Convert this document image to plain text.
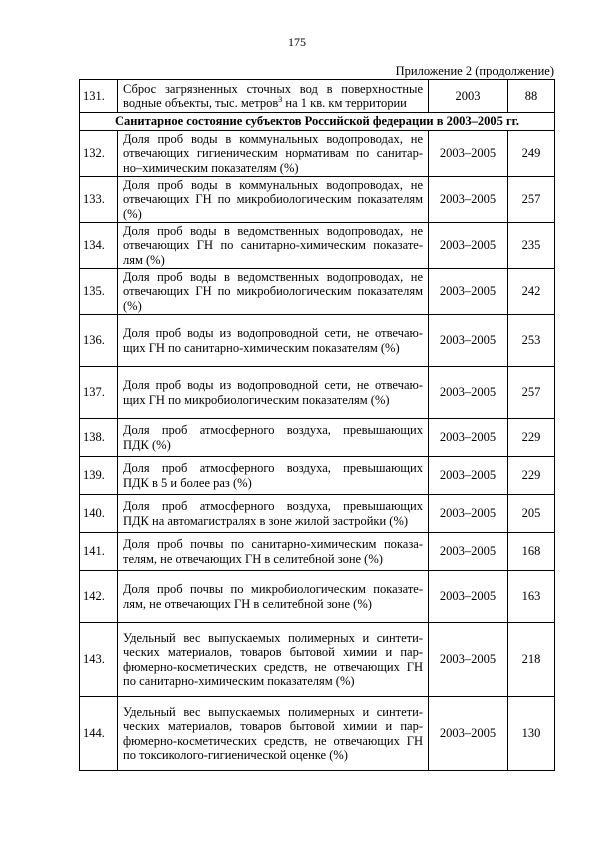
175
Приложение 2 (продолжение)
131.	Сброс загрязненных сточных вод в поверхностные
водные объекты, тыс. метров$^3$ на 1 кв. км территории	2003	88
Санитарное состояние субъектов Российской федерации в 2003–2005 гг.			
132.	Доля проб воды в коммунальных водопроводах, не
отвечающих гигиеническим нормативам по санитар-
но–химическим показателям (%)	2003–2005	249
133.	Доля проб воды в коммунальных водопроводах, не
отвечающих ГН по микробиологическим показателям
(%)	2003–2005	257
134.	Доля проб воды в ведомственных водопроводах, не
отвечающих ГН по санитарно-химическим показате-
лям (%)	2003–2005	235
135.	Доля проб воды в ведомственных водопроводах, не
отвечающих ГН по микробиологическим показателям
(%)	2003–2005	242
136.	Доля проб воды из водопроводной сети, не отвечаю-
щих ГН по санитарно-химическим показателям (%)	2003–2005	253
137.	Доля проб воды из водопроводной сети, не отвечаю-
щих ГН по микробиологическим показателям (%)	2003–2005	257
138.	Доля проб атмосферного воздуха, превышающих
ПДК (%)	2003–2005	229
139.	Доля проб атмосферного воздуха, превышающих
ПДК в 5 и более раз (%)	2003–2005	229
140.	Доля проб атмосферного воздуха, превышающих
ПДК на автомагистралях в зоне жилой застройки (%)	2003–2005	205
141.	Доля проб почвы по санитарно-химическим показа-
телям, не отвечающих ГН в селитебной зоне (%)	2003–2005	168
142.	Доля проб почвы по микробиологическим показате-
лям, не отвечающих ГН в селитебной зоне (%)	2003–2005	163
143.	Удельный вес выпускаемых полимерных и синтети-
ческих материалов, товаров бытовой химии и пар-
фюмерно-косметических средств, не отвечающих ГН
по санитарно-химическим показателям (%)	2003–2005	218
144.	Удельный вес выпускаемых полимерных и синтети-
ческих материалов, товаров бытовой химии и пар-
фюмерно-косметических средств, не отвечающих ГН
по токсиколого-гигиенической оценке (%)	2003–2005	130
